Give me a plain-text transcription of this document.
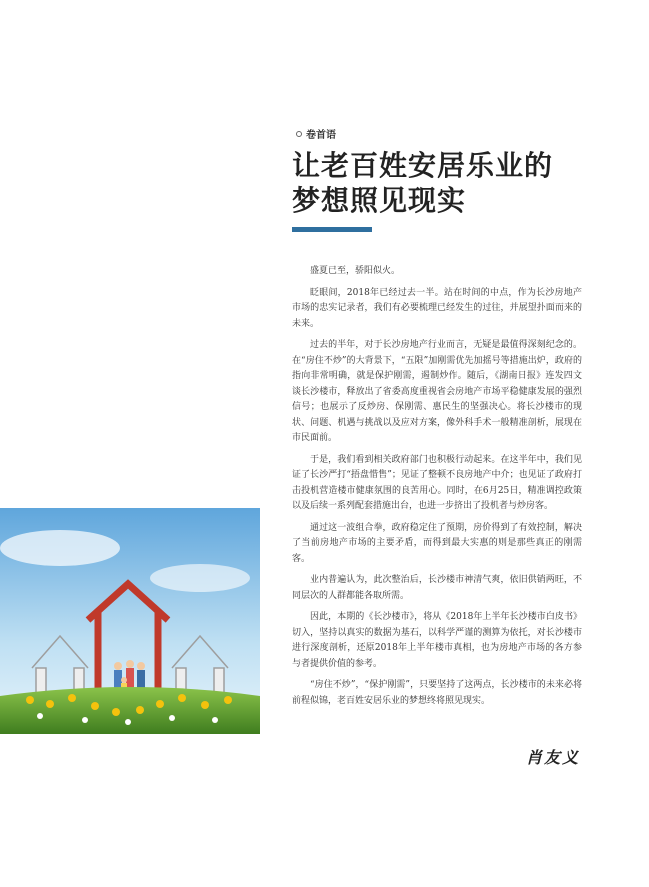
卷首语
让老百姓安居乐业的
梦想照见现实

盛夏已至，骄阳似火。

眨眼间，2018年已经过去一半。站在时间的中点，作为长沙房地产市场的忠实记录者，我们有必要梳理已经发生的过往，并展望扑面而来的未来。

过去的半年，对于长沙房地产行业而言，无疑是最值得深刻纪念的。在“房住不炒”的大背景下，“五限”加刚需优先加摇号等措施出炉，政府的指向非常明确，就是保护刚需，遏制炒作。随后，《湖南日报》连发四文谈长沙楼市，释放出了省委高度重视省会房地产市场平稳健康发展的强烈信号；也展示了反炒房、保刚需、惠民生的坚强决心。将长沙楼市的现状、问题、机遇与挑战以及应对方案，像外科手术一般精准剖析，展现在市民面前。

于是，我们看到相关政府部门也积极行动起来。在这半年中，我们见证了长沙严打“捂盘惜售”；见证了整顿不良房地产中介；也见证了政府打击投机营造楼市健康氛围的良苦用心。同时，在6月25日，精准调控政策以及后续一系列配套措施出台，也进一步挤出了投机者与炒房客。

通过这一波组合拳，政府稳定住了预期，房价得到了有效控制，解决了当前房地产市场的主要矛盾，而得到最大实惠的则是那些真正的刚需客。

业内普遍认为，此次整治后，长沙楼市神清气爽，依旧供销两旺，不同层次的人群都能各取所需。

因此，本期的《长沙楼市》，将从《2018年上半年长沙楼市白皮书》切入，坚持以真实的数据为基石，以科学严谨的测算为依托，对长沙楼市进行深度剖析，还原2018年上半年楼市真相，也为房地产市场的各方参与者提供价值的参考。

“房住不炒”，“保护刚需”，只要坚持了这两点，长沙楼市的未来必将前程似锦，老百姓安居乐业的梦想终将照见现实。

肖友义
